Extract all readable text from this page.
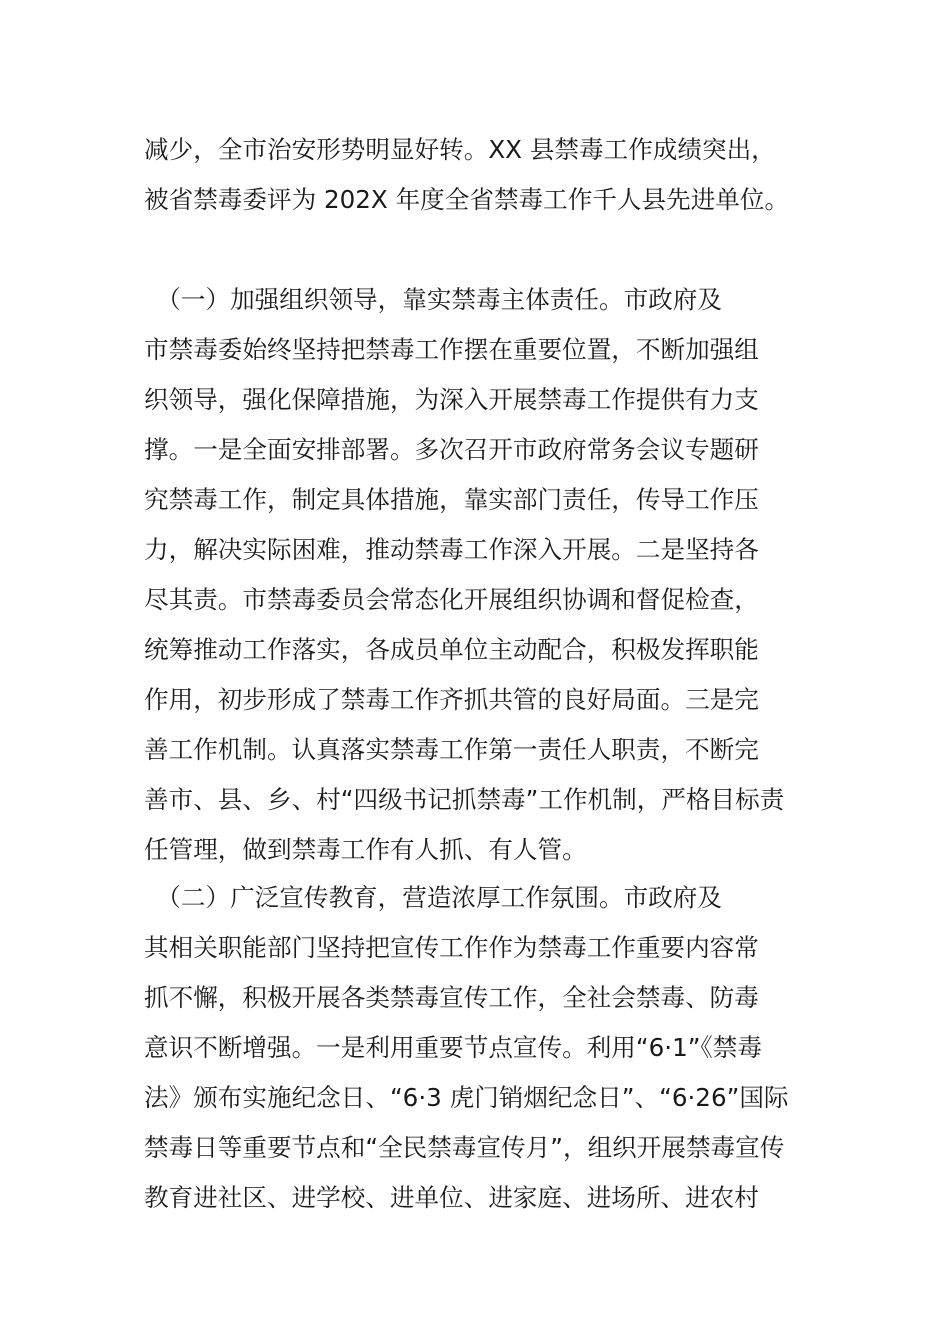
减少，全市治安形势明显好转。XX 县禁毒工作成绩突出，
被省禁毒委评为 202X 年度全省禁毒工作千人县先进单位。
　（一）加强组织领导，靠实禁毒主体责任。市政府及
市禁毒委始终坚持把禁毒工作摆在重要位置，不断加强组
织领导，强化保障措施，为深入开展禁毒工作提供有力支
撑。一是全面安排部署。多次召开市政府常务会议专题研
究禁毒工作，制定具体措施，靠实部门责任，传导工作压
力，解决实际困难，推动禁毒工作深入开展。二是坚持各
尽其责。市禁毒委员会常态化开展组织协调和督促检查，
统筹推动工作落实，各成员单位主动配合，积极发挥职能
作用，初步形成了禁毒工作齐抓共管的良好局面。三是完
善工作机制。认真落实禁毒工作第一责任人职责，不断完
善市、县、乡、村“四级书记抓禁毒”工作机制，严格目标责
任管理，做到禁毒工作有人抓、有人管。
　（二）广泛宣传教育，营造浓厚工作氛围。市政府及
其相关职能部门坚持把宣传工作作为禁毒工作重要内容常
抓不懈，积极开展各类禁毒宣传工作，全社会禁毒、防毒
意识不断增强。一是利用重要节点宣传。利用“6·1”《禁毒
法》颁布实施纪念日、“6·3 虎门销烟纪念日”、“6·26”国际
禁毒日等重要节点和“全民禁毒宣传月”，组织开展禁毒宣传
教育进社区、进学校、进单位、进家庭、进场所、进农村
